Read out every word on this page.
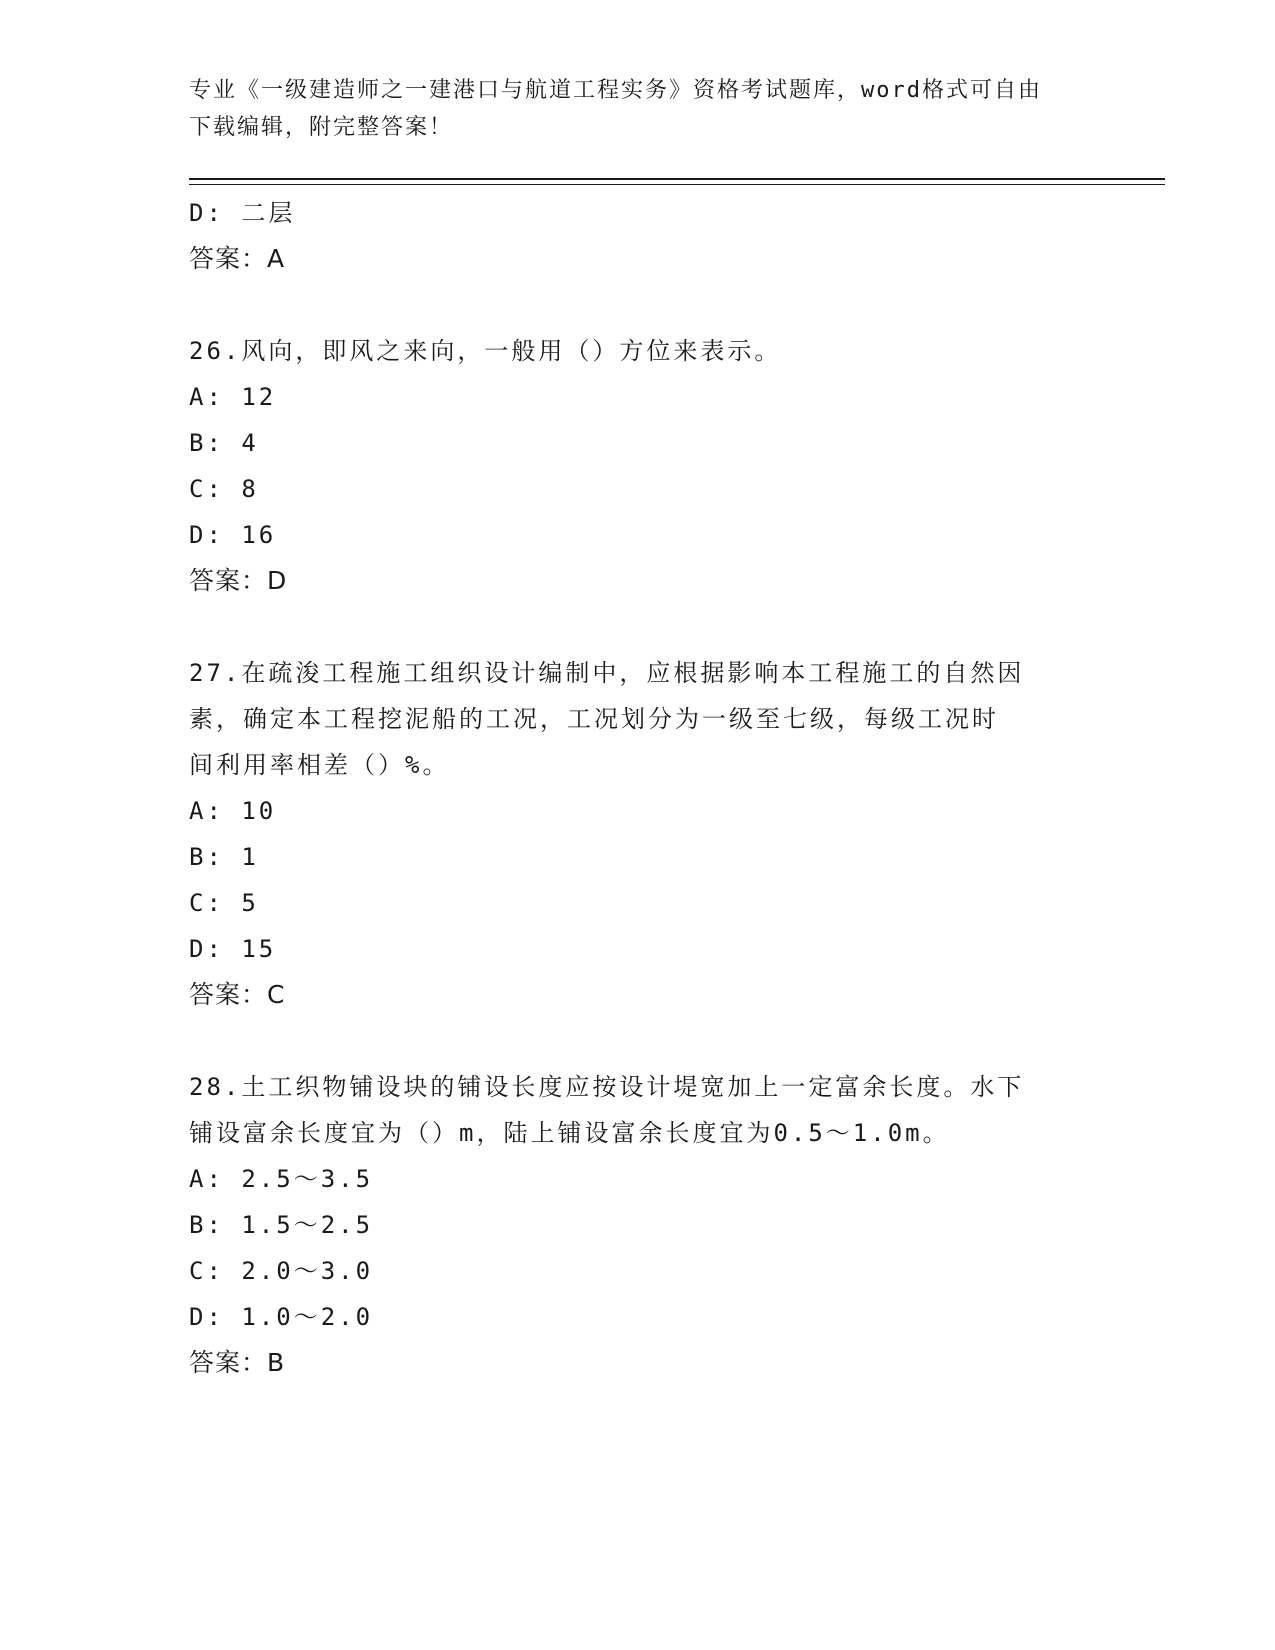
专业《一级建造师之一建港口与航道工程实务》资格考试题库，word格式可自由
下载编辑，附完整答案！
D: 二层
答案：A
26.风向，即风之来向，一般用（）方位来表示。
A: 12
B: 4
C: 8
D: 16
答案：D
27.在疏浚工程施工组织设计编制中，应根据影响本工程施工的自然因
素，确定本工程挖泥船的工况，工况划分为一级至七级，每级工况时
间利用率相差（）%。
A: 10
B: 1
C: 5
D: 15
答案：C
28.土工织物铺设块的铺设长度应按设计堤宽加上一定富余长度。水下
铺设富余长度宜为（）m，陆上铺设富余长度宜为0.5～1.0m。
A: 2.5～3.5
B: 1.5～2.5
C: 2.0～3.0
D: 1.0～2.0
答案：B
